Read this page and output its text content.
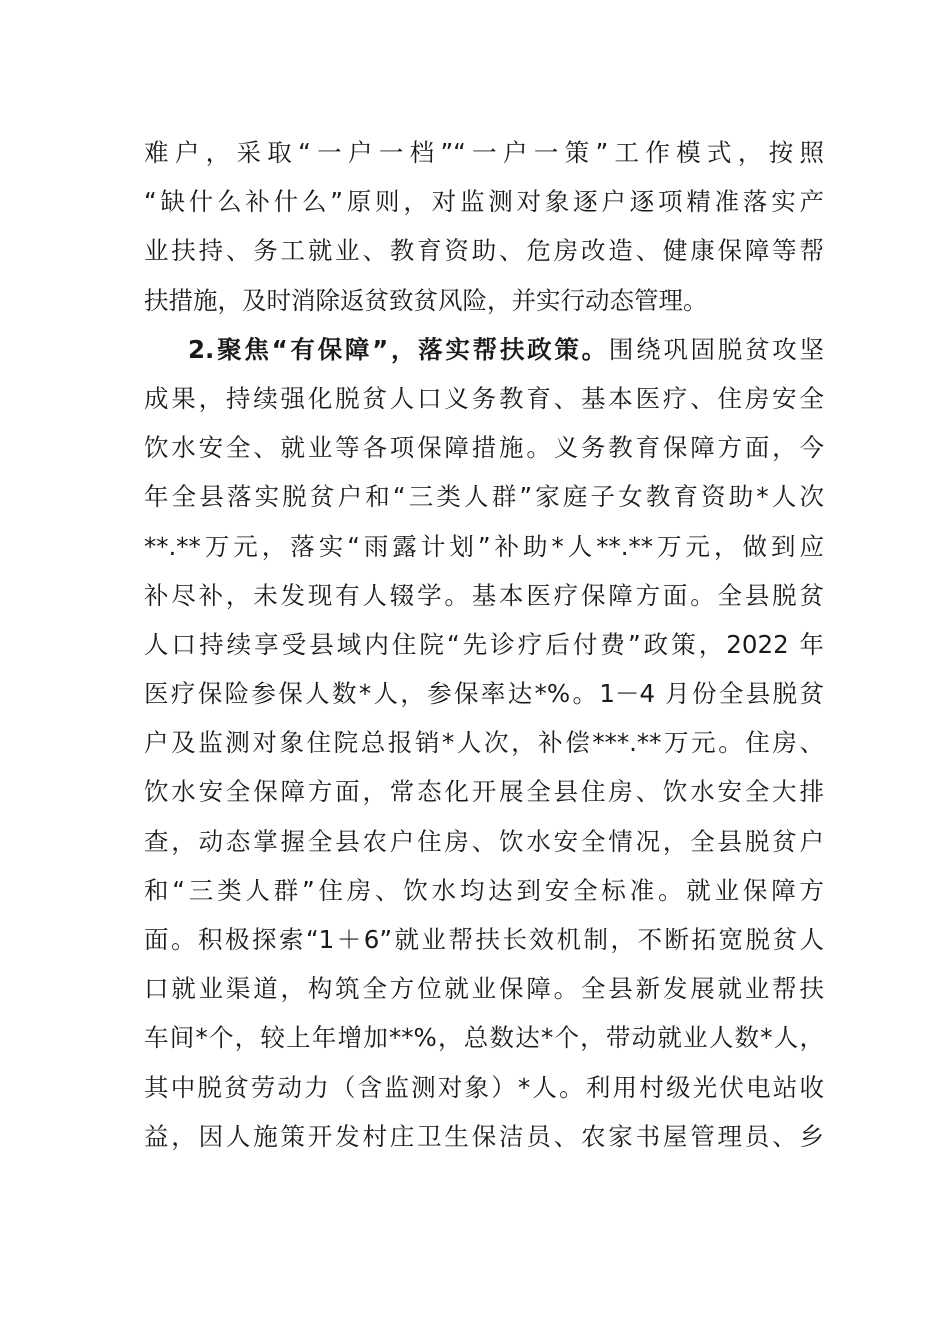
难户，采取“一户一档”“一户一策”工作模式，按照
“缺什么补什么”原则，对监测对象逐户逐项精准落实产
业扶持、务工就业、教育资助、危房改造、健康保障等帮
扶措施，及时消除返贫致贫风险，并实行动态管理。
2.聚焦“有保障”，落实帮扶政策。围绕巩固脱贫攻坚
成果，持续强化脱贫人口义务教育、基本医疗、住房安全
饮水安全、就业等各项保障措施。义务教育保障方面，今
年全县落实脱贫户和“三类人群”家庭子女教育资助*人次
**.**万元，落实“雨露计划”补助*人**.**万元，做到应
补尽补，未发现有人辍学。基本医疗保障方面。全县脱贫
人口持续享受县域内住院“先诊疗后付费”政策，2022 年
医疗保险参保人数*人，参保率达*%。1－4 月份全县脱贫
户及监测对象住院总报销*人次，补偿***.**万元。住房、
饮水安全保障方面，常态化开展全县住房、饮水安全大排
查，动态掌握全县农户住房、饮水安全情况，全县脱贫户
和“三类人群”住房、饮水均达到安全标准。就业保障方
面。积极探索“1＋6”就业帮扶长效机制，不断拓宽脱贫人
口就业渠道，构筑全方位就业保障。全县新发展就业帮扶
车间*个，较上年增加**%，总数达*个，带动就业人数*人，
其中脱贫劳动力（含监测对象）*人。利用村级光伏电站收
益，因人施策开发村庄卫生保洁员、农家书屋管理员、乡
